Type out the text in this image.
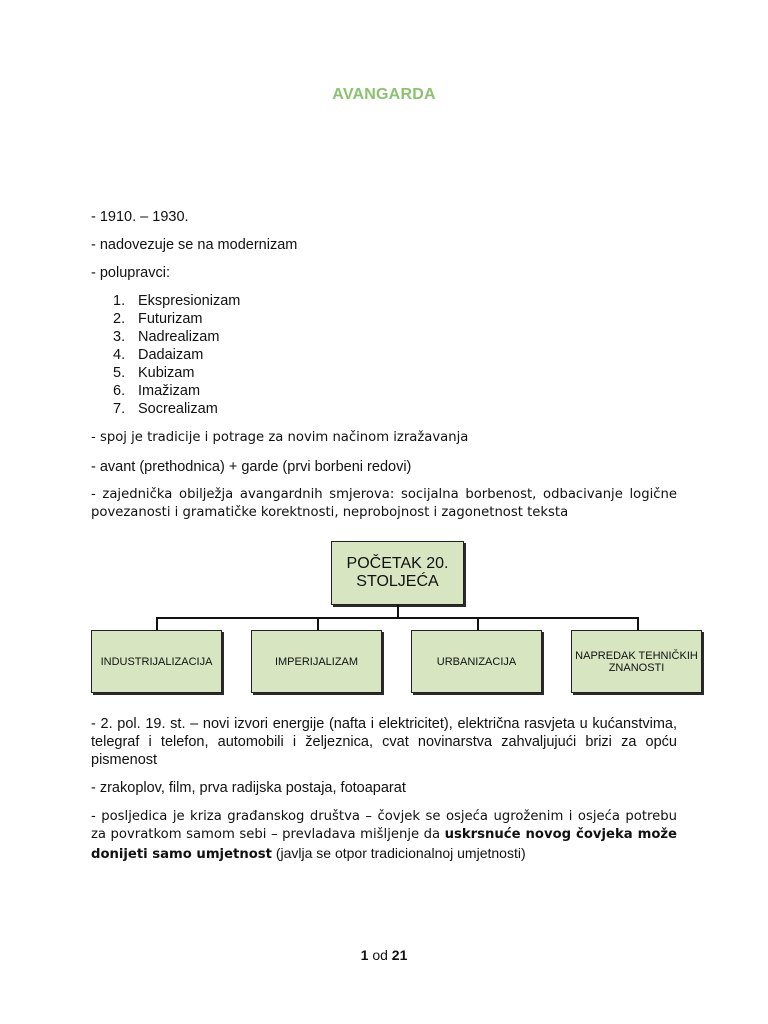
AVANGARDA
- 1910. – 1930.
- nadovezuje se na modernizam
- polupravci:
1. Ekspresionizam
2. Futurizam
3. Nadrealizam
4. Dadaizam
5. Kubizam
6. Imažizam
7. Socrealizam
- spoj je tradicije i potrage za novim načinom izražavanja
- avant (prethodnica) + garde (prvi borbeni redovi)
- zajednička obilježja avangardnih smjerova: socijalna borbenost, odbacivanje logične povezanosti i gramatičke korektnosti, neprobojnost i zagonetnost teksta
POČETAK 20. STOLJEĆA
INDUSTRIJALIZACIJA	IMPERIJALIZAM	URBANIZACIJA	NAPREDAK TEHNIČKIH ZNANOSTI
- 2. pol. 19. st. – novi izvori energije (nafta i elektricitet), električna rasvjeta u kućanstvima, telegraf i telefon, automobili i željeznica, cvat novinarstva zahvaljujući brizi za opću pismenost
- zrakoplov, film, prva radijska postaja, fotoaparat
- posljedica je kriza građanskog društva – čovjek se osjeća ugroženim i osjeća potrebu za povratkom samom sebi – prevladava mišljenje da uskrsnuće novog čovjeka može donijeti samo umjetnost (javlja se otpor tradicionalnoj umjetnosti)
1 od 21
